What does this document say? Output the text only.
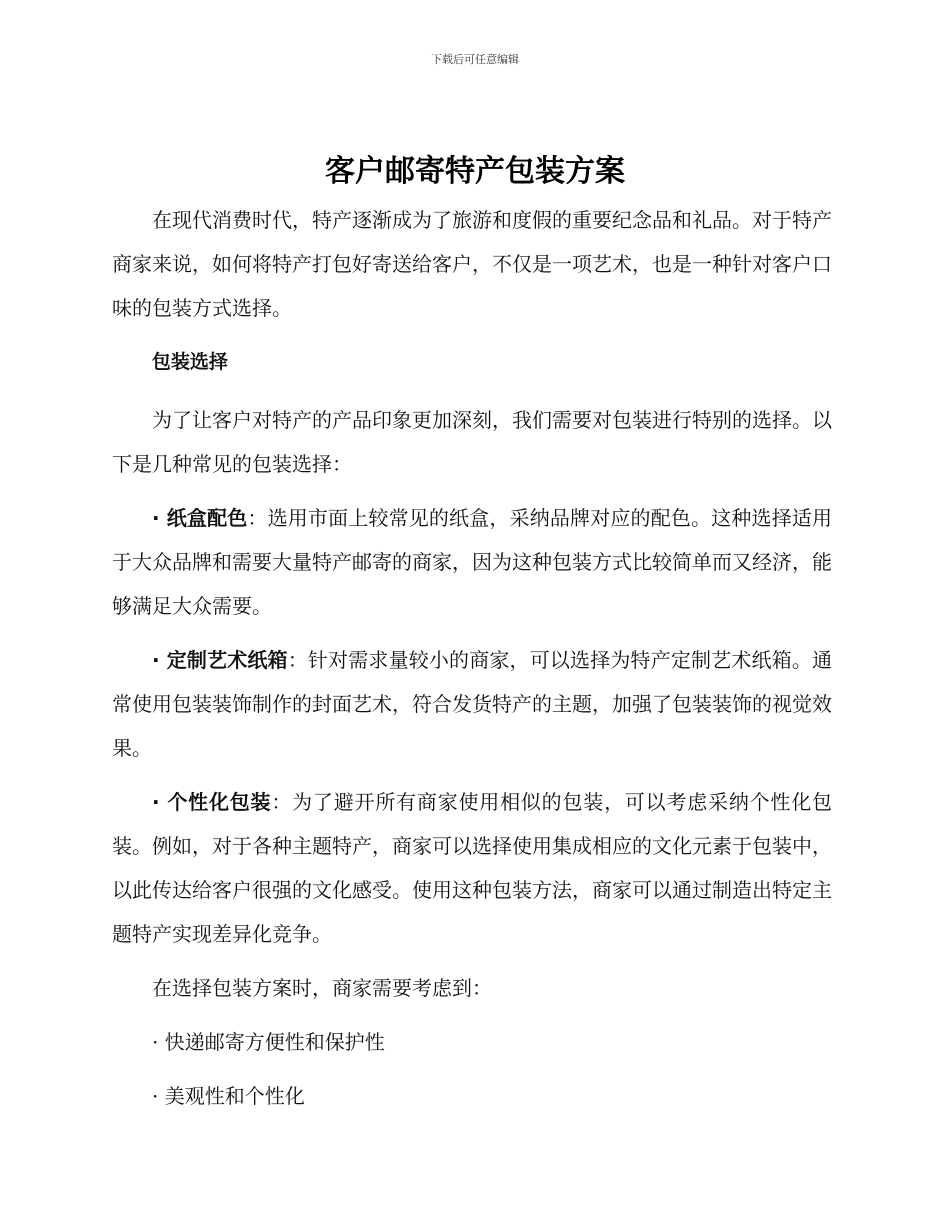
下载后可任意编辑
客户邮寄特产包装方案

在现代消费时代，特产逐渐成为了旅游和度假的重要纪念品和礼品。对于特产商家来说，如何将特产打包好寄送给客户，不仅是一项艺术，也是一种针对客户口味的包装方式选择。

包装选择

为了让客户对特产的产品印象更加深刻，我们需要对包装进行特别的选择。以下是几种常见的包装选择：

· 纸盒配色：选用市面上较常见的纸盒，采纳品牌对应的配色。这种选择适用于大众品牌和需要大量特产邮寄的商家，因为这种包装方式比较简单而又经济，能够满足大众需要。

· 定制艺术纸箱：针对需求量较小的商家，可以选择为特产定制艺术纸箱。通常使用包装装饰制作的封面艺术，符合发货特产的主题，加强了包装装饰的视觉效果。

· 个性化包装：为了避开所有商家使用相似的包装，可以考虑采纳个性化包装。例如，对于各种主题特产，商家可以选择使用集成相应的文化元素于包装中，以此传达给客户很强的文化感受。使用这种包装方法，商家可以通过制造出特定主题特产实现差异化竞争。

在选择包装方案时，商家需要考虑到：

· 快递邮寄方便性和保护性

· 美观性和个性化
